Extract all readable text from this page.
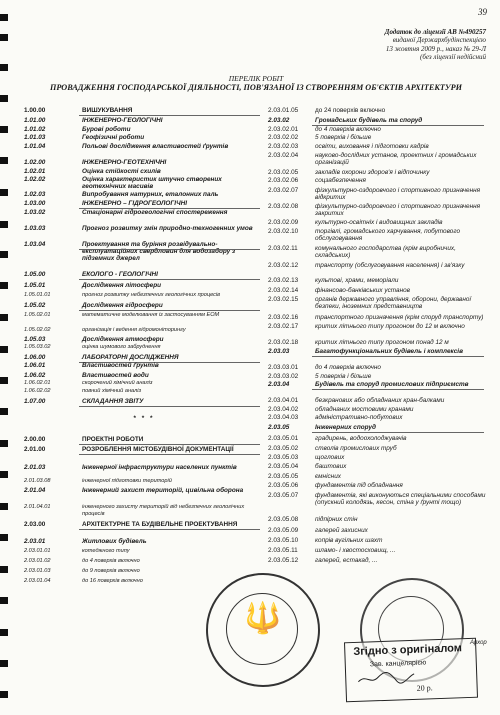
39
Додаток до ліцензії АВ №490257
виданої Держархбудінспекцією
13 жовтня 2009 р., наказ № 29-Л
(без ліцензії недійсний
ПЕРЕЛІК РОБІТ
ПРОВАДЖЕННЯ ГОСПОДАРСЬКОЇ ДІЯЛЬНОСТІ, ПОВ'ЯЗАНОЇ ІЗ СТВОРЕННЯМ ОБ'ЄКТІВ АРХІТЕКТУРИ
1.00.00	ВИШУКУВАННЯ
1.01.00	ІНЖЕНЕРНО-ГЕОЛОГІЧНІ
1.01.02	Бурові роботи
1.01.03	Геофізичні роботи
1.01.04	Польові дослідження властивостей ґрунтів
1.02.00	ІНЖЕНЕРНО-ГЕОТЕХНІЧНІ
1.02.01	Оцінка стійкості схилів
1.02.02	Оцінка характеристик штучно створених геотехнічних масивів
1.02.03	Випробування натурних, еталонних паль
1.03.00	ІНЖЕНЕРНО – ГІДРОГЕОЛОГІЧНІ
1.03.02	Стаціонарні гідрогеологічні спостереження
1.03.03	Прогноз розвитку змін природно-техногенних умов
1.03.04	Проектування та буріння розвідувально-експлуатаційних свердловин для водозабору з підземних джерел
1.05.00	ЕКОЛОГО - ГЕОЛОГІЧНІ
1.05.01	Дослідження літосфери
1.05.01.01	прогноз розвитку небезпечних геологічних процесів
1.05.02	Дослідження гідросфери
1.05.02.01	математичне моделювання із застосуванням ЕОМ
1.05.02.02	організація і ведення гідромоніторингу
1.05.03	Дослідження атмосфери
1.05.03.02	оцінка шумового забруднення
1.06.00	ЛАБОРАТОРНІ ДОСЛІДЖЕННЯ
1.06.01	Властивостей ґрунтів
1.06.02	Властивостей води
1.06.02.01	скорочений хімічний аналіз
1.06.02.02	повний хімічний аналіз
1.07.00	СКЛАДАННЯ ЗВІТУ
2.00.00	ПРОЕКТНІ РОБОТИ
2.01.00	РОЗРОБЛЕННЯ МІСТОБУДІВНОЇ ДОКУМЕНТАЦІЇ
2.01.03	Інженерної інфраструктури населених пунктів
2.01.03.08	інженерної підготовки територій
2.01.04	Інженерний захист територій, цивільна оборона
2.01.04.01	інженерного захисту територій від небезпечних геологічних процесів
2.03.00	АРХІТЕКТУРНЕ ТА БУДІВЕЛЬНЕ ПРОЕКТУВАННЯ
2.03.01	Житлових будівель
2.03.01.01	котеджного типу
2.03.01.02	до 4 поверхів включно
2.03.01.03	до 9 поверхів включно
2.03.01.04	до 16 поверхів включно
* * *
2.03.01.05	до 24 поверхів включно
2.03.02	Громадських будівель та споруд
2.03.02.01	до 4 поверхів включно
2.03.02.02	5 поверхів і більше
2.03.02.03	освіти, виховання і підготовки кадрів
2.03.02.04	науково-дослідних установ, проектних і громадських організацій
2.03.02.05	закладів охорони здоров'я і відпочинку
2.03.02.06	соцзабезпечення
2.03.02.07	фізкультурно-оздоровчого і спортивного призначення відкритих
2.03.02.08	фізкультурно-оздоровчого і спортивного призначення закритих
2.03.02.09	культурно-освітніх і видовищних закладів
2.03.02.10	торгівлі, громадського харчування, побутового обслуговування
2.03.02.11	комунального господарства (крім виробничих, складських)
2.03.02.12	транспорту (обслуговування населення) і зв'язку
2.03.02.13	культові, храми, меморіали
2.03.02.14	фінансово-банківських установ
2.03.02.15	органів державного управління, оборони, державної безпеки, іноземних представництв
2.03.02.16	транспортного призначення (крім споруд транспорту)
2.03.02.17	критих літнього типу прогоном до 12 м включно
2.03.02.18	критих літнього типу прогоном понад 12 м
2.03.03	Багатофункціональних будівель і комплексів
2.03.03.01	до 4 поверхів включно
2.03.03.02	5 поверхів і більше
2.03.04	Будівель та споруд промислових підприємств
2.03.04.01	безкранових або обладнаних кран-балками
2.03.04.02	обладнаних мостовими кранами
2.03.04.03	адміністративно-побутових
2.03.05	Інженерних споруд
2.03.05.01	градирень, водоохолоджувачів
2.03.05.02	стволів промислових труб
2.03.05.03	щоглових
2.03.05.04	баштових
2.03.05.05	ємнісних
2.03.05.06	фундаментів під обладнання
2.03.05.07	фундаментів, які виконуються спеціальними способами (опускний колодязь, кесон, стіна у ґрунті тощо)
2.03.05.08	підпірних стін
2.03.05.09	галерей захисних
2.03.05.10	копрів вугільних шахт
2.03.05.11	шламо- і хвостосховищ, ...
2.03.05.12	галерей, естакад, ...
🔱
Згідно з оригіналом
Зав. канцелярією
20 р.
Архор
